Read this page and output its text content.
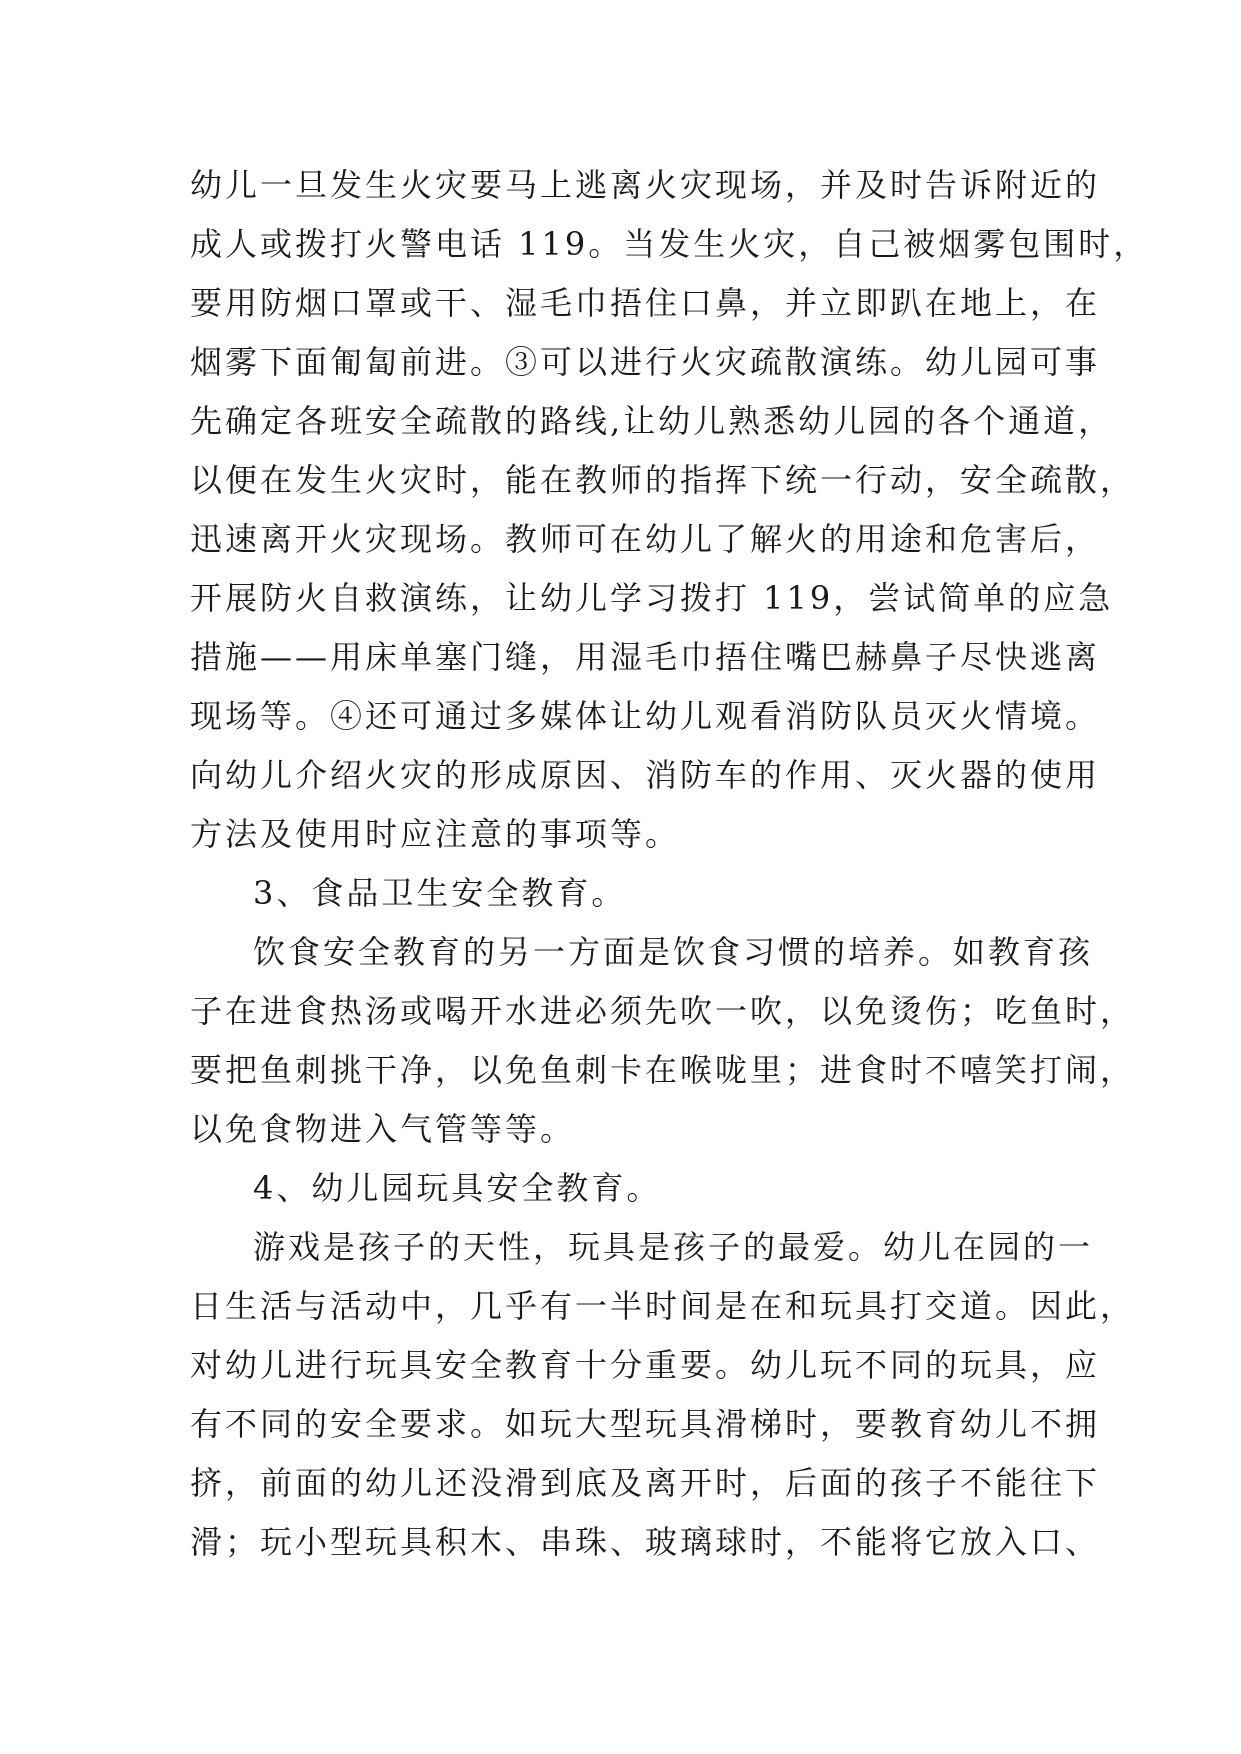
幼儿一旦发生火灾要马上逃离火灾现场，并及时告诉附近的
成人或拨打火警电话 119。当发生火灾，自己被烟雾包围时，
要用防烟口罩或干、湿毛巾捂住口鼻，并立即趴在地上，在
烟雾下面匍匐前进。③可以进行火灾疏散演练。幼儿园可事
先确定各班安全疏散的路线,让幼儿熟悉幼儿园的各个通道，
以便在发生火灾时，能在教师的指挥下统一行动，安全疏散，
迅速离开火灾现场。教师可在幼儿了解火的用途和危害后，
开展防火自救演练，让幼儿学习拨打 119，尝试简单的应急
措施——用床单塞门缝，用湿毛巾捂住嘴巴赫鼻子尽快逃离
现场等。④还可通过多媒体让幼儿观看消防队员灭火情境。
向幼儿介绍火灾的形成原因、消防车的作用、灭火器的使用
方法及使用时应注意的事项等。
3、食品卫生安全教育。
饮食安全教育的另一方面是饮食习惯的培养。如教育孩
子在进食热汤或喝开水进必须先吹一吹，以免烫伤；吃鱼时，
要把鱼刺挑干净，以免鱼刺卡在喉咙里；进食时不嘻笑打闹，
以免食物进入气管等等。
4、幼儿园玩具安全教育。
游戏是孩子的天性，玩具是孩子的最爱。幼儿在园的一
日生活与活动中，几乎有一半时间是在和玩具打交道。因此，
对幼儿进行玩具安全教育十分重要。幼儿玩不同的玩具，应
有不同的安全要求。如玩大型玩具滑梯时，要教育幼儿不拥
挤，前面的幼儿还没滑到底及离开时，后面的孩子不能往下
滑；玩小型玩具积木、串珠、玻璃球时，不能将它放入口、
